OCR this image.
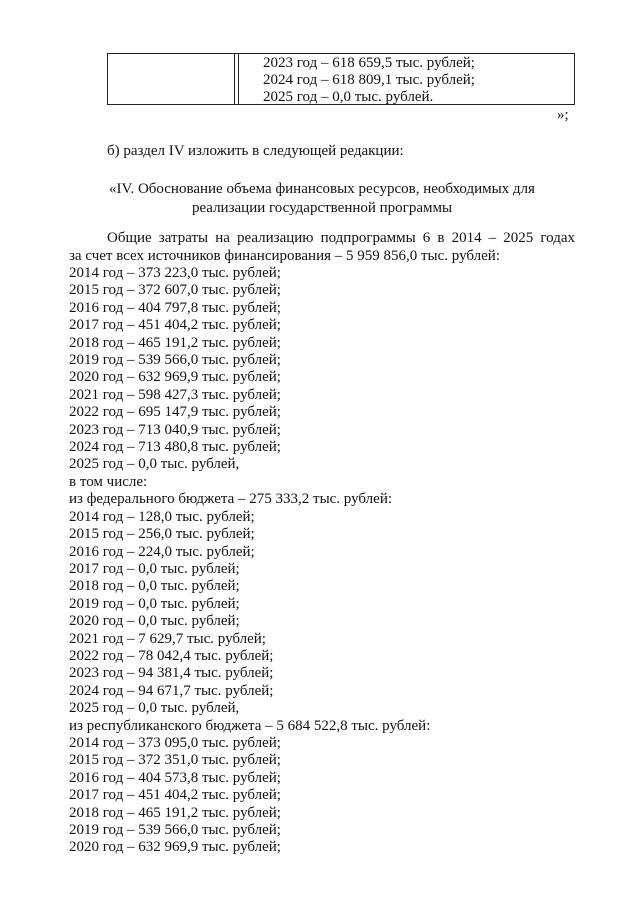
2023 год – 618 659,5 тыс. рублей;
2024 год – 618 809,1 тыс. рублей;
2025 год – 0,0 тыс. рублей.
»;
б) раздел IV изложить в следующей редакции:
«IV. Обоснование объема финансовых ресурсов, необходимых для
реализации государственной программы
Общие затраты на реализацию подпрограммы 6 в 2014 – 2025 годах
за счет всех источников финансирования – 5 959 856,0 тыс. рублей:
2014 год – 373 223,0 тыс. рублей;
2015 год – 372 607,0 тыс. рублей;
2016 год – 404 797,8 тыс. рублей;
2017 год – 451 404,2 тыс. рублей;
2018 год – 465 191,2 тыс. рублей;
2019 год – 539 566,0 тыс. рублей;
2020 год – 632 969,9 тыс. рублей;
2021 год – 598 427,3 тыс. рублей;
2022 год – 695 147,9 тыс. рублей;
2023 год – 713 040,9 тыс. рублей;
2024 год – 713 480,8 тыс. рублей;
2025 год – 0,0 тыс. рублей,
в том числе:
из федерального бюджета – 275 333,2 тыс. рублей:
2014 год – 128,0 тыс. рублей;
2015 год – 256,0 тыс. рублей;
2016 год – 224,0 тыс. рублей;
2017 год – 0,0 тыс. рублей;
2018 год – 0,0 тыс. рублей;
2019 год – 0,0 тыс. рублей;
2020 год – 0,0 тыс. рублей;
2021 год – 7 629,7 тыс. рублей;
2022 год – 78 042,4 тыс. рублей;
2023 год – 94 381,4 тыс. рублей;
2024 год – 94 671,7 тыс. рублей;
2025 год – 0,0 тыс. рублей,
из республиканского бюджета – 5 684 522,8 тыс. рублей:
2014 год – 373 095,0 тыс. рублей;
2015 год – 372 351,0 тыс. рублей;
2016 год – 404 573,8 тыс. рублей;
2017 год – 451 404,2 тыс. рублей;
2018 год – 465 191,2 тыс. рублей;
2019 год – 539 566,0 тыс. рублей;
2020 год – 632 969,9 тыс. рублей;
